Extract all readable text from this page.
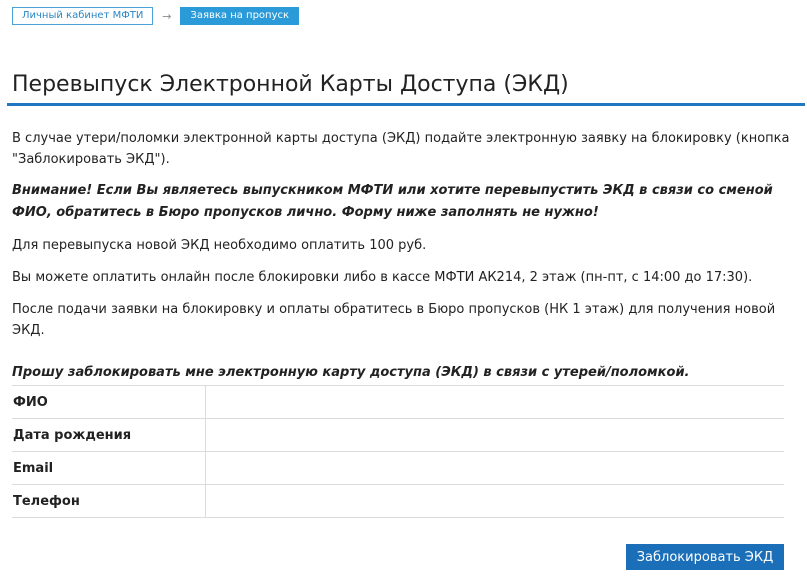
Личный кабинет МФТИ	→	Заявка на пропуск
Перевыпуск Электронной Карты Доступа (ЭКД)

В случае утери/поломки электронной карты доступа (ЭКД) подайте электронную заявку на блокировку (кнопка "Заблокировать ЭКД").

Внимание! Если Вы являетесь выпускником МФТИ или хотите перевыпустить ЭКД в связи со сменой ФИО, обратитесь в Бюро пропусков лично. Форму ниже заполнять не нужно!

Для перевыпуска новой ЭКД необходимо оплатить 100 руб.

Вы можете оплатить онлайн после блокировки либо в кассе МФТИ АК214, 2 этаж (пн-пт, с 14:00 до 17:30).

После подачи заявки на блокировку и оплаты обратитесь в Бюро пропусков (НК 1 этаж) для получения новой ЭКД.

Прошу заблокировать мне электронную карту доступа (ЭКД) в связи с утерей/поломкой.

ФИО	
Дата рождения	
Email	
Телефон	
Заблокировать ЭКД
